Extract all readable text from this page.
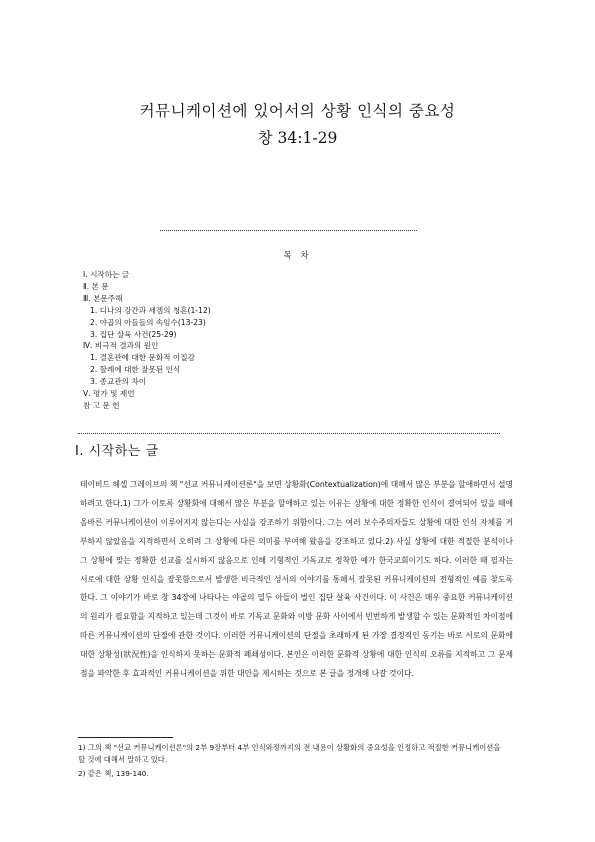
커뮤니케이션에 있어서의 상황 인식의 중요성
창 34:1-29
목 차
Ⅰ. 시작하는 글
Ⅱ. 본 문
Ⅲ. 본문주해
1. 디나의 강간과 세겜의 청혼(1-12)
2. 야곱의 아들들의 속임수(13-23)
3. 집단 살육 사건(25-29)
Ⅳ. 비극적 결과의 원인
1. 결혼관에 대한 문화적 이질감
2. 할례에 대한 잘못된 인식
3. 종교관의 차이
Ⅴ. 평가 및 제언
참 고 문 헌
Ⅰ. 시작하는 글
데이비드 헤셀 그레이브의 책 "선교 커뮤니케이션론"을 보면 상황화(Contextualization)에 대해서 많은 부분을 할애하면서 설명하려고 한다.1) 그가 이토록 상황화에 대해서 많은 부분을 할애하고 있는 이유는 상황에 대한 정확한 인식이 결여되어 있을 때에 올바른 커뮤니케이션이 이루어지지 않는다는 사실을 강조하기 위함이다. 그는 여러 보수주의자들도 상황에 대한 인식 자체를 거부하지 않았음을 지적하면서 오히려 그 상황에 다른 의미를 부여해 왔음을 강조하고 있다.2) 사실 상황에 대한 적절한 분석이나 그 상황에 맞는 정확한 선교를 실시하지 않음으로 인해 기형적인 기독교로 정착한 예가 한국교회이기도 하다. 이러한 때 필자는 서로에 대한 상황 인식을 잘못함으로서 발생한 비극적인 성서의 이야기를 통해서 잘못된 커뮤니케이션의 전형적인 예를 찾도록 한다. 그 이야기가 바로 창 34장에 나타나는 야곱의 열두 아들이 벌인 집단 살육 사건이다. 이 사건은 매우 중요한 커뮤니케이션의 원리가 필요함을 지적하고 있는데 그것이 바로 기독교 문화와 이방 문화 사이에서 빈번하게 발생할 수 있는 문화적인 차이점에 따른 커뮤니케이션의 단절에 관한 것이다. 이러한 커뮤니케이션의 단절을 초래하게 된 가장 결정적인 동기는 바로 서로의 문화에 대한 상황성(狀況性)을 인식하지 못하는 문화적 폐쇄성이다. 본인은 이러한 문화적 상황에 대한 인식의 오류를 지적하고 그 문제점을 파악한 후 효과적인 커뮤니케이션을 위한 대안을 제시하는 것으로 본 글을 정개해 나갈 것이다.
1) 그의 책 "선교 커뮤니케이션론"의 2부 9장부터 4부 인식와정까지의 전 내용이 상황화의 중요성을 인정하고 적절한 커뮤니케이션을 할 것에 대해서 말하고 있다.
2) 같은 책, 139-140.
